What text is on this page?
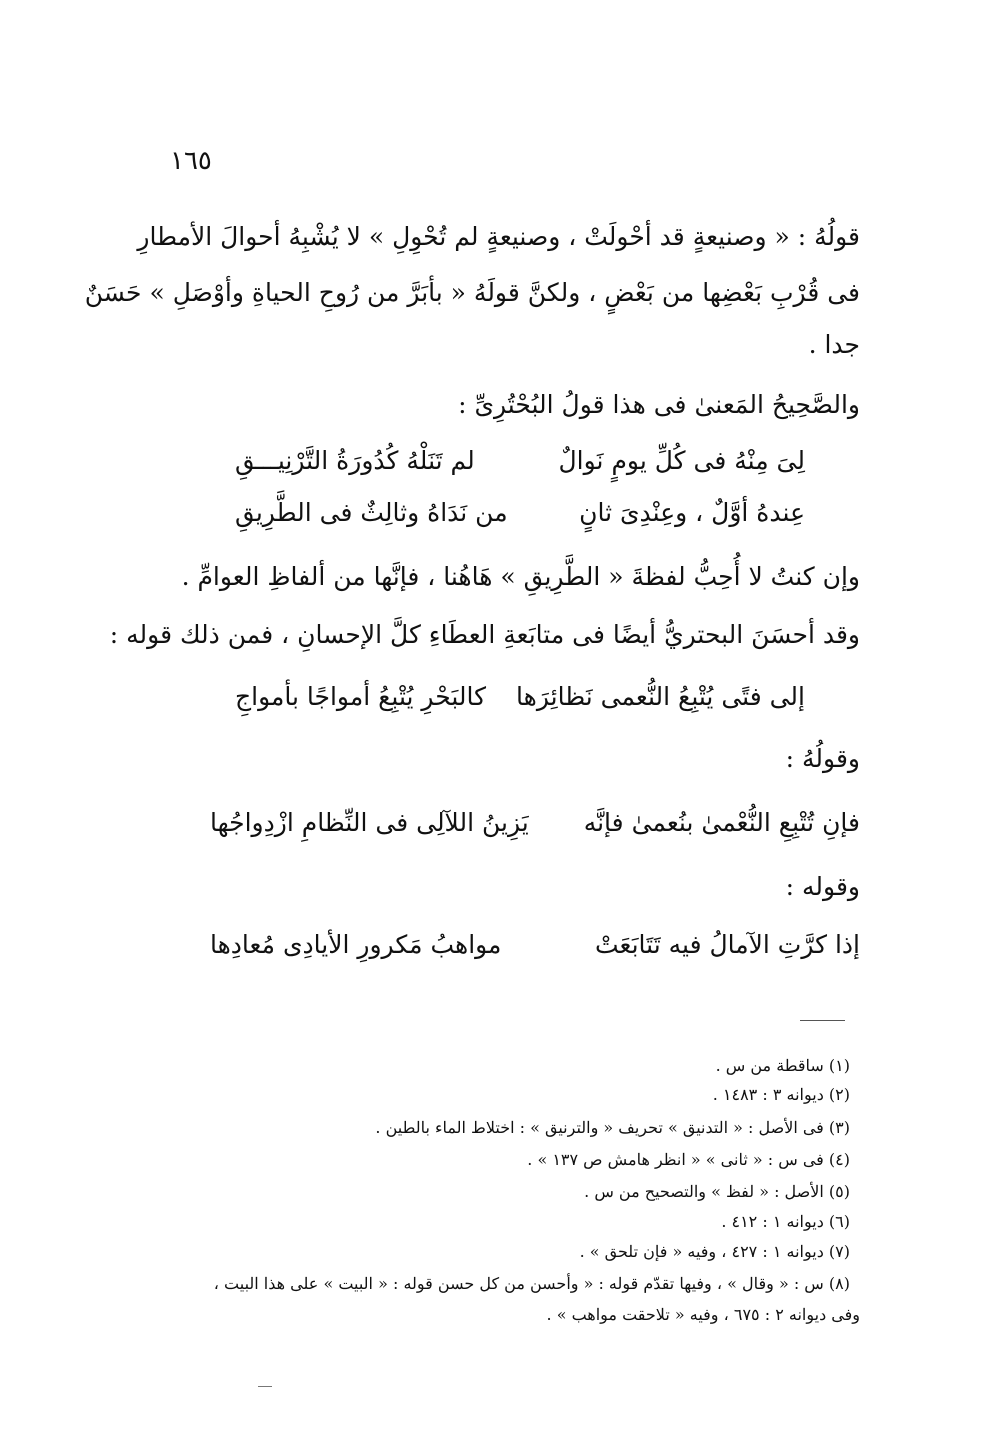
١٦٥
قولُهُ : « وصنيعةٍ قد أحْولَتْ ، وصنيعةٍ لم تُحْوِلِ » لا يُشْبِهُ أحوالَ الأمطارِ
فى قُرْبِ بَعْضِها من بَعْضٍ ، ولكنَّ قولَهُ « بأبَرَّ من رُوحِ الحياةِ وأوْصَلِ » حَسَنٌ
جدا .
والصَّحِيحُ المَعنىٰ فى هذا قولُ البُحْتُرِىِّ :
لِىَ مِنْهُ فى كُلِّ يومٍ نَوالٌ
لم تَنَلْهُ كُدُورَةُ التَّرْنِيـــقِ
عِندهُ أوَّلٌ ، وعِنْدِىَ ثانٍ
من نَدَاهُ وثالِثٌ فى الطَّرِيقِ
وإن كنتُ لا أُحِبُّ لفظةَ « الطَّرِيقِ » هَاهُنا ، فإنَّها من ألفاظِ العوامِّ .
وقد أحسَنَ البحتريُّ أيضًا فى متابَعةِ العطَاءِ كلَّ الإحسانِ ، فمن ذلك قوله :
إلى فتًى يُتْبِعُ النُّعمى نَظائِرَها
كالبَحْرِ يُتْبِعُ أمواجًا بأمواجِ
وقولُهُ :
فإنِ تُتْبِعِ النُّعْمىٰ بنُعمىٰ فإنَّه
يَزِينُ اللآلِى فى النِّظامِ ازْدِواجُها
وقوله :
إذا كرَّتِ الآمالُ فيه تَتَابَعَتْ
مواهبُ مَكرورِ الأيادِى مُعادِها
(١) ساقطة من س .
(٢) ديوانه ٣ : ١٤٨٣ .
(٣) فى الأصل : « التدنيق » تحريف « والترنيق » : اختلاط الماء بالطين .
(٤) فى س : « ثانى » « انظر هامش ص ١٣٧ » .
(٥) الأصل : « لفظ » والتصحيح من س .
(٦) ديوانه ١ : ٤١٢ .
(٧) ديوانه ١ : ٤٢٧ ، وفيه « فإن تلحق » .
(٨) س : « وقال » ، وفيها تقدّم قوله : « وأحسن من كل حسن قوله : « البيت » على هذا البيت ،
وفى ديوانه ٢ : ٦٧٥ ، وفيه « تلاحقت مواهب » .
